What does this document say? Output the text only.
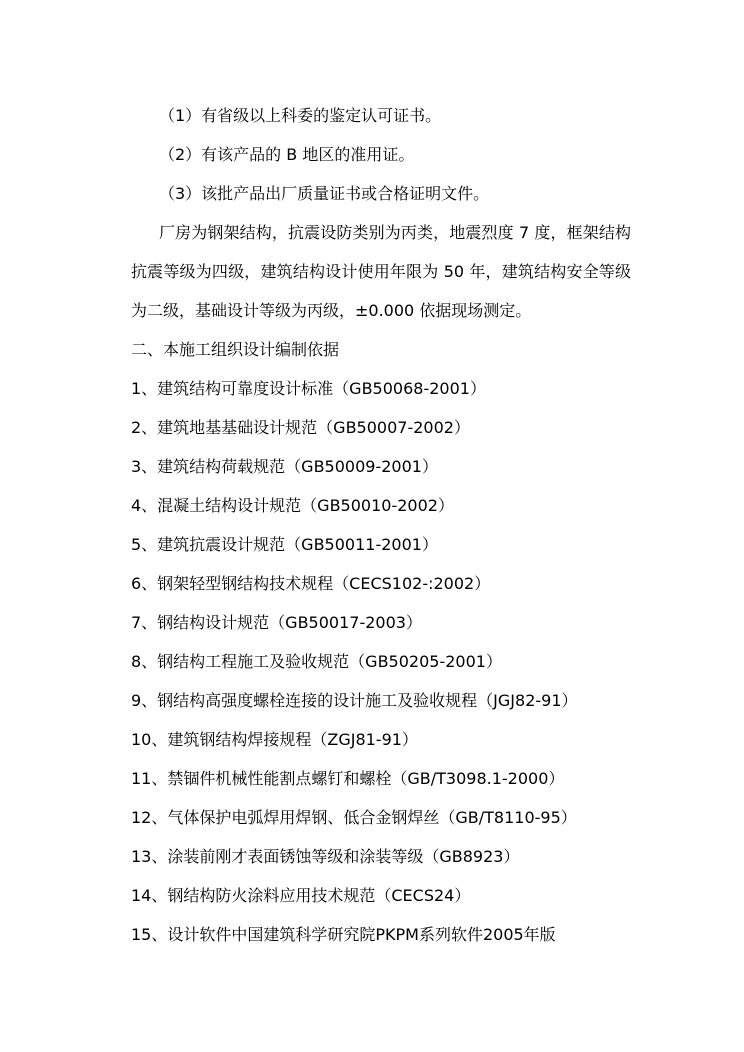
（1）有省级以上科委的鉴定认可证书。
（2）有该产品的 B 地区的准用证。
（3）该批产品出厂质量证书或合格证明文件。
厂房为钢架结构，抗震设防类别为丙类，地震烈度 7 度，框架结构抗震等级为四级，建筑结构设计使用年限为 50 年，建筑结构安全等级为二级，基础设计等级为丙级，±0.000 依据现场测定。
二、本施工组织设计编制依据
1、建筑结构可靠度设计标准（GB50068-2001）
2、建筑地基基础设计规范（GB50007-2002）
3、建筑结构荷载规范（GB50009-2001）
4、混凝土结构设计规范（GB50010-2002）
5、建筑抗震设计规范（GB50011-2001）
6、钢架轻型钢结构技术规程（CECS102-:2002）
7、钢结构设计规范（GB50017-2003）
8、钢结构工程施工及验收规范（GB50205-2001）
9、钢结构高强度螺栓连接的设计施工及验收规程（JGJ82-91）
10、建筑钢结构焊接规程（ZGJ81-91）
11、禁锢件机械性能割点螺钉和螺栓（GB/T3098.1-2000）
12、气体保护电弧焊用焊钢、低合金钢焊丝（GB/T8110-95）
13、涂装前刚才表面锈蚀等级和涂装等级（GB8923）
14、钢结构防火涂料应用技术规范（CECS24）
15、设计软件中国建筑科学研究院PKPM系列软件2005年版
